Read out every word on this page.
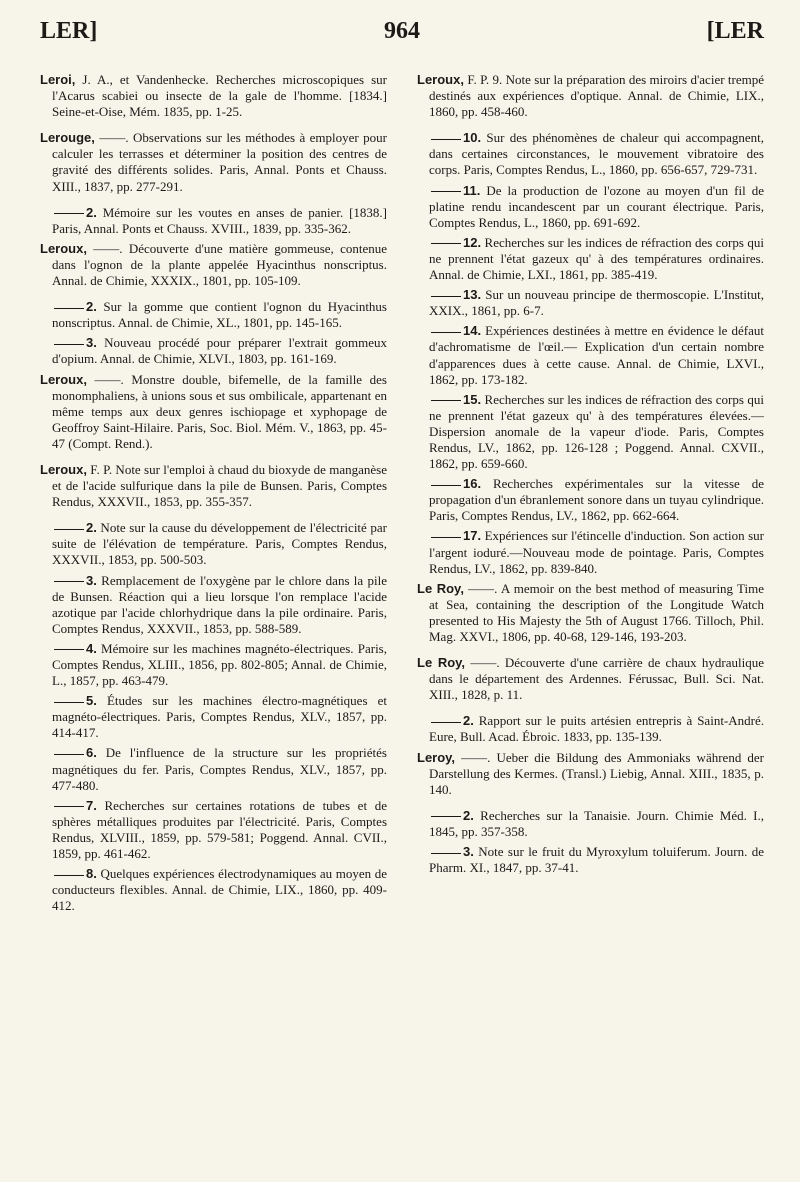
LER]	964	[LER

Leroi, J. A., et Vandenhecke. Recherches microscopiques sur l'Acarus scabiei ou insecte de la gale de l'homme. [1834.] Seine-et-Oise, Mém. 1835, pp. 1-25.

Lerouge, ——. Observations sur les méthodes à employer pour calculer les terrasses et déterminer la position des centres de gravité des différents solides. Paris, Annal. Ponts et Chauss. XIII., 1837, pp. 277-291.

2. Mémoire sur les voutes en anses de panier. [1838.] Paris, Annal. Ponts et Chauss. XVIII., 1839, pp. 335-362.

Leroux, ——. Découverte d'une matière gommeuse, contenue dans l'ognon de la plante appelée Hyacinthus nonscriptus. Annal. de Chimie, XXXIX., 1801, pp. 105-109.

2. Sur la gomme que contient l'ognon du Hyacinthus nonscriptus. Annal. de Chimie, XL., 1801, pp. 145-165.

3. Nouveau procédé pour préparer l'extrait gommeux d'opium. Annal. de Chimie, XLVI., 1803, pp. 161-169.

Leroux, ——. Monstre double, bifemelle, de la famille des monomphaliens, à unions sous et sus ombilicale, appartenant en même temps aux deux genres ischiopage et xyphopage de Geoffroy Saint-Hilaire. Paris, Soc. Biol. Mém. V., 1863, pp. 45-47 (Compt. Rend.).

Leroux, F. P. Note sur l'emploi à chaud du bioxyde de manganèse et de l'acide sulfurique dans la pile de Bunsen. Paris, Comptes Rendus, XXXVII., 1853, pp. 355-357.

2. Note sur la cause du développement de l'électricité par suite de l'élévation de température. Paris, Comptes Rendus, XXXVII., 1853, pp. 500-503.

3. Remplacement de l'oxygène par le chlore dans la pile de Bunsen. Réaction qui a lieu lorsque l'on remplace l'acide azotique par l'acide chlorhydrique dans la pile ordinaire. Paris, Comptes Rendus, XXXVII., 1853, pp. 588-589.

4. Mémoire sur les machines magnéto-électriques. Paris, Comptes Rendus, XLIII., 1856, pp. 802-805; Annal. de Chimie, L., 1857, pp. 463-479.

5. Études sur les machines électro-magnétiques et magnéto-électriques. Paris, Comptes Rendus, XLV., 1857, pp. 414-417.

6. De l'influence de la structure sur les propriétés magnétiques du fer. Paris, Comptes Rendus, XLV., 1857, pp. 477-480.

7. Recherches sur certaines rotations de tubes et de sphères métalliques produites par l'électricité. Paris, Comptes Rendus, XLVIII., 1859, pp. 579-581; Poggend. Annal. CVII., 1859, pp. 461-462.

8. Quelques expériences électrodynamiques au moyen de conducteurs flexibles. Annal. de Chimie, LIX., 1860, pp. 409-412.

Leroux, F. P. 9. Note sur la préparation des miroirs d'acier trempé destinés aux expériences d'optique. Annal. de Chimie, LIX., 1860, pp. 458-460.

10. Sur des phénomènes de chaleur qui accompagnent, dans certaines circonstances, le mouvement vibratoire des corps. Paris, Comptes Rendus, L., 1860, pp. 656-657, 729-731.

11. De la production de l'ozone au moyen d'un fil de platine rendu incandescent par un courant électrique. Paris, Comptes Rendus, L., 1860, pp. 691-692.

12. Recherches sur les indices de réfraction des corps qui ne prennent l'état gazeux qu' à des températures ordinaires. Annal. de Chimie, LXI., 1861, pp. 385-419.

13. Sur un nouveau principe de thermoscopie. L'Institut, XXIX., 1861, pp. 6-7.

14. Expériences destinées à mettre en évidence le défaut d'achromatisme de l'œil.— Explication d'un certain nombre d'apparences dues à cette cause. Annal. de Chimie, LXVI., 1862, pp. 173-182.

15. Recherches sur les indices de réfraction des corps qui ne prennent l'état gazeux qu' à des températures élevées.—Dispersion anomale de la vapeur d'iode. Paris, Comptes Rendus, LV., 1862, pp. 126-128 ; Poggend. Annal. CXVII., 1862, pp. 659-660.

16. Recherches expérimentales sur la vitesse de propagation d'un ébranlement sonore dans un tuyau cylindrique. Paris, Comptes Rendus, LV., 1862, pp. 662-664.

17. Expériences sur l'étincelle d'induction. Son action sur l'argent ioduré.—Nouveau mode de pointage. Paris, Comptes Rendus, LV., 1862, pp. 839-840.

Le Roy, ——. A memoir on the best method of measuring Time at Sea, containing the description of the Longitude Watch presented to His Majesty the 5th of August 1766. Tilloch, Phil. Mag. XXVI., 1806, pp. 40-68, 129-146, 193-203.

Le Roy, ——. Découverte d'une carrière de chaux hydraulique dans le département des Ardennes. Férussac, Bull. Sci. Nat. XIII., 1828, p. 11.

2. Rapport sur le puits artésien entrepris à Saint-André. Eure, Bull. Acad. Ébroic. 1833, pp. 135-139.

Leroy, ——. Ueber die Bildung des Ammoniaks während der Darstellung des Kermes. (Transl.) Liebig, Annal. XIII., 1835, p. 140.

2. Recherches sur la Tanaisie. Journ. Chimie Méd. I., 1845, pp. 357-358.

3. Note sur le fruit du Myroxylum toluiferum. Journ. de Pharm. XI., 1847, pp. 37-41.
